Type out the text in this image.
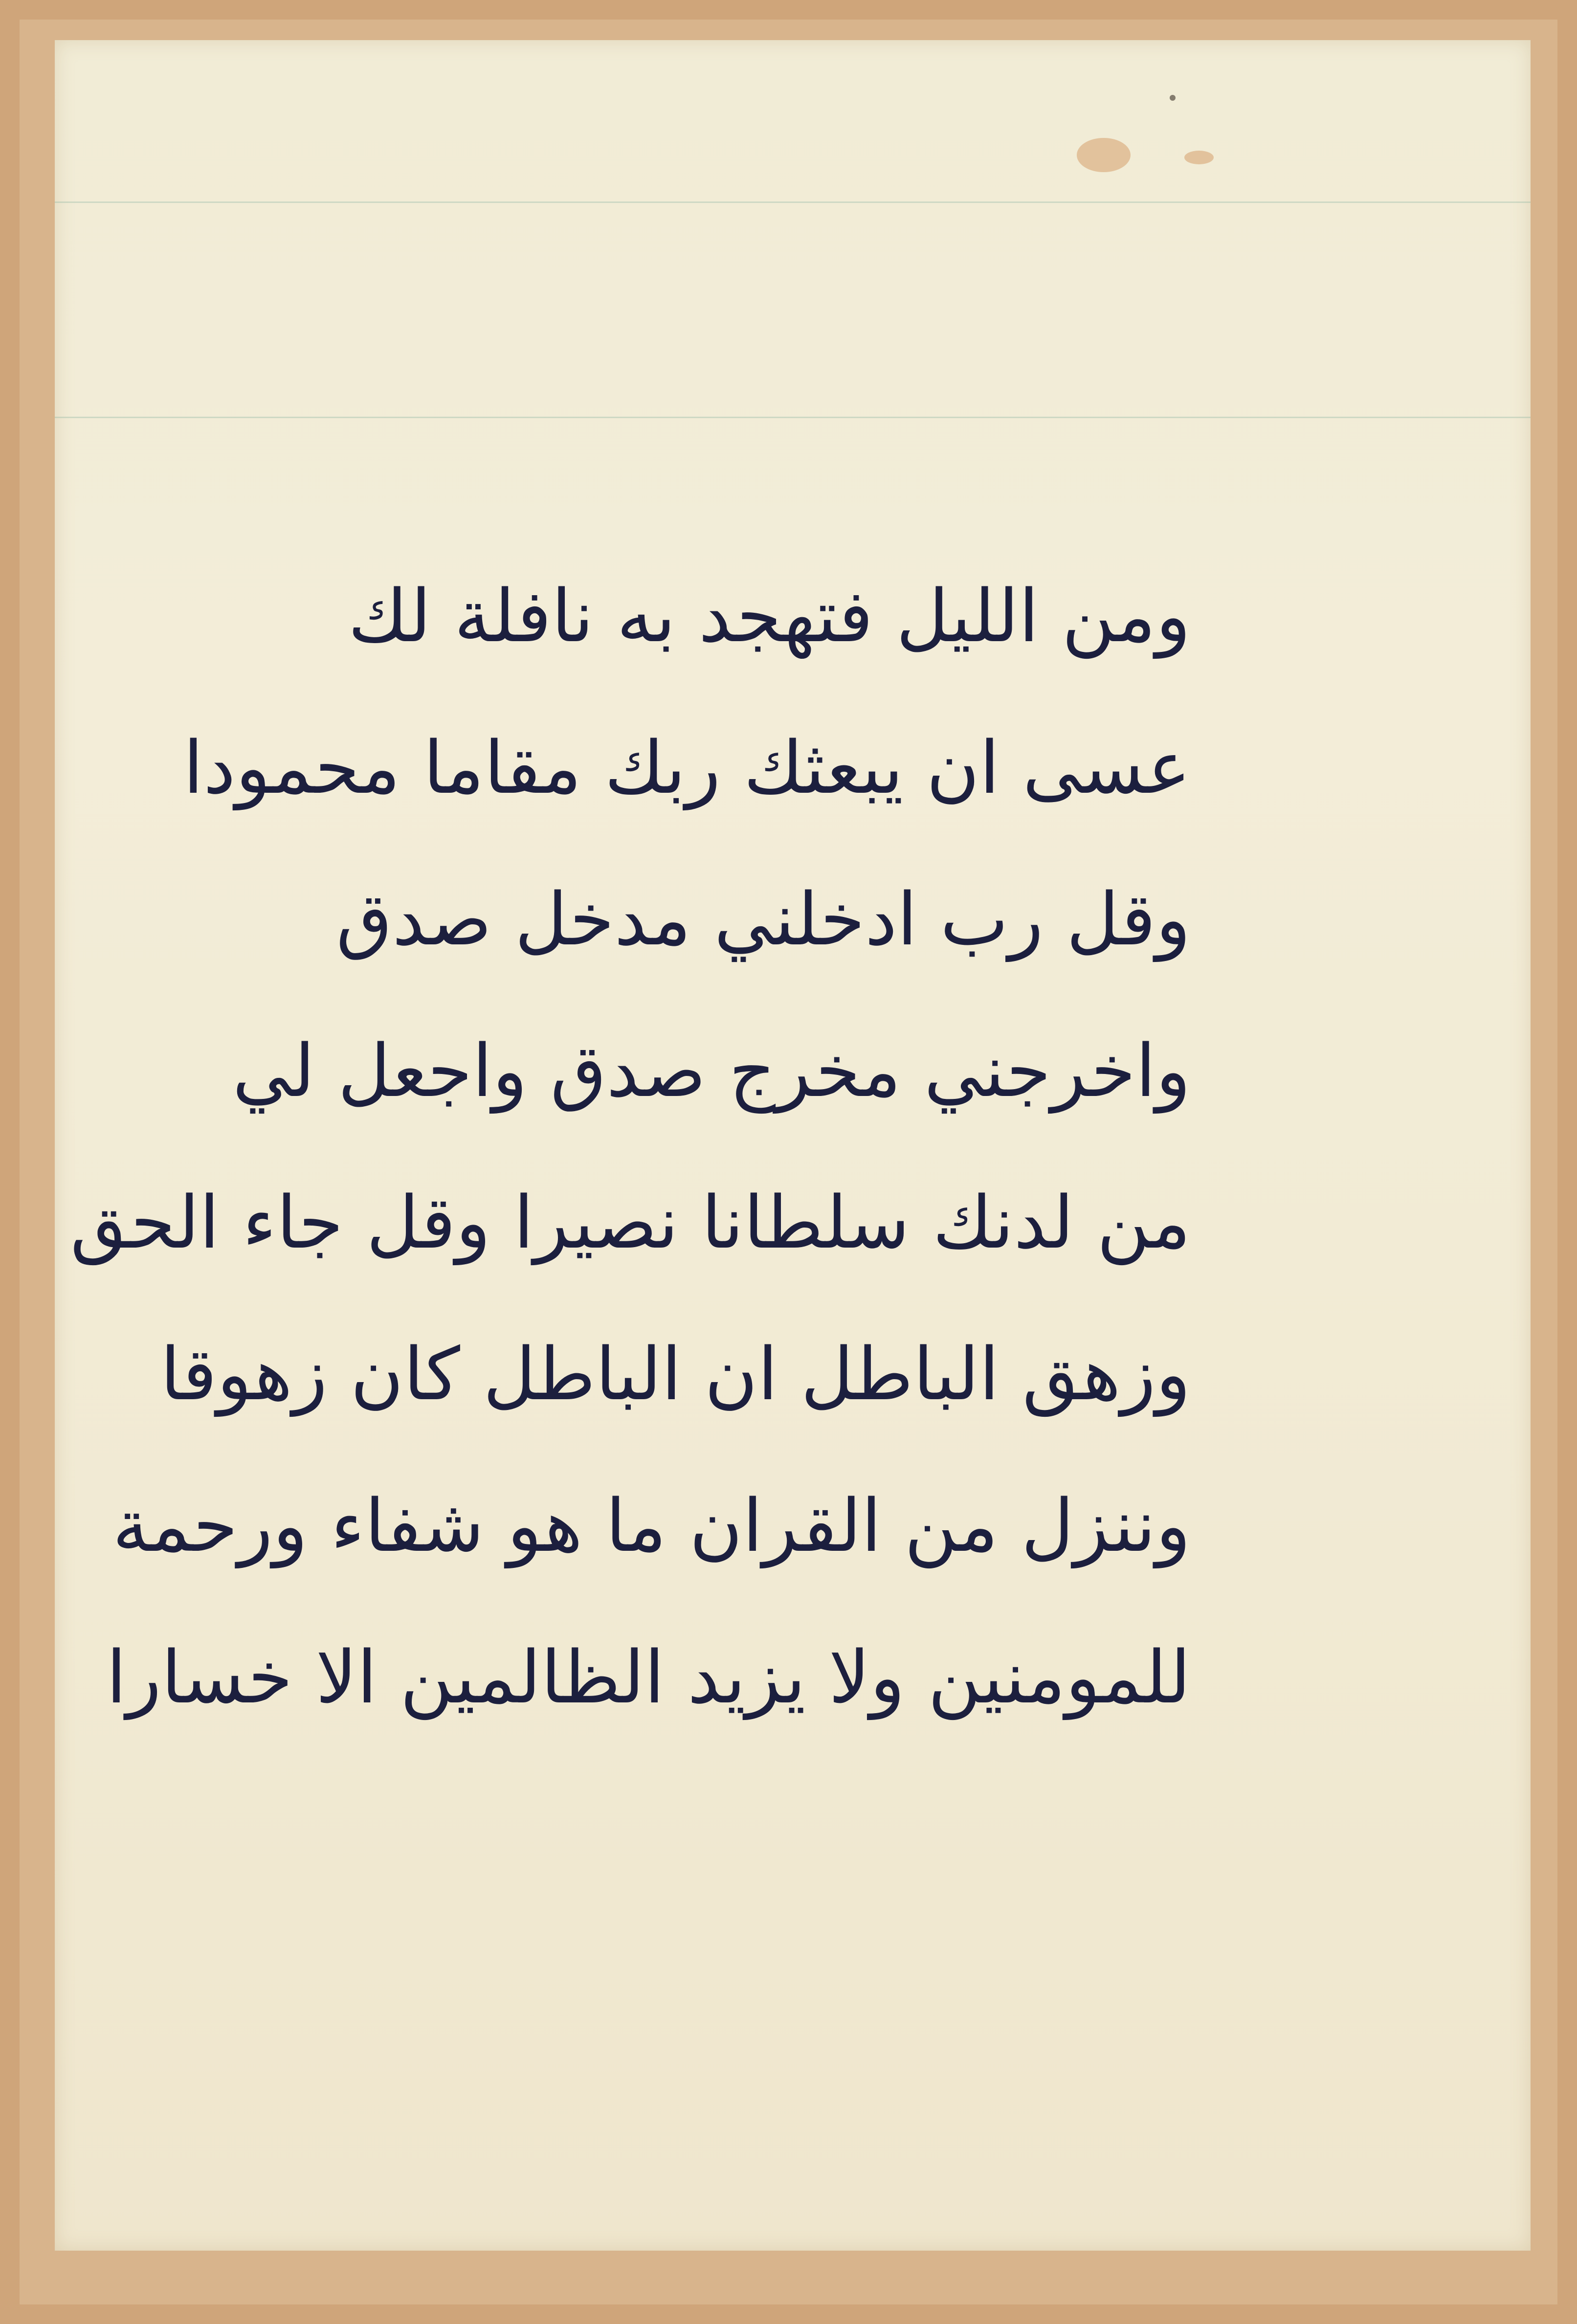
ومن الليل فتهجد به نافلة لك
عسى ان يبعثك ربك مقاما محمودا
وقل رب ادخلني مدخل صدق
واخرجني مخرج صدق واجعل لي
من لدنك سلطانا نصيرا وقل جاء الحق
وزهق الباطل ان الباطل كان زهوقا
وننزل من القران ما هو شفاء ورحمة
للمومنين ولا يزيد الظالمين الا خسارا
